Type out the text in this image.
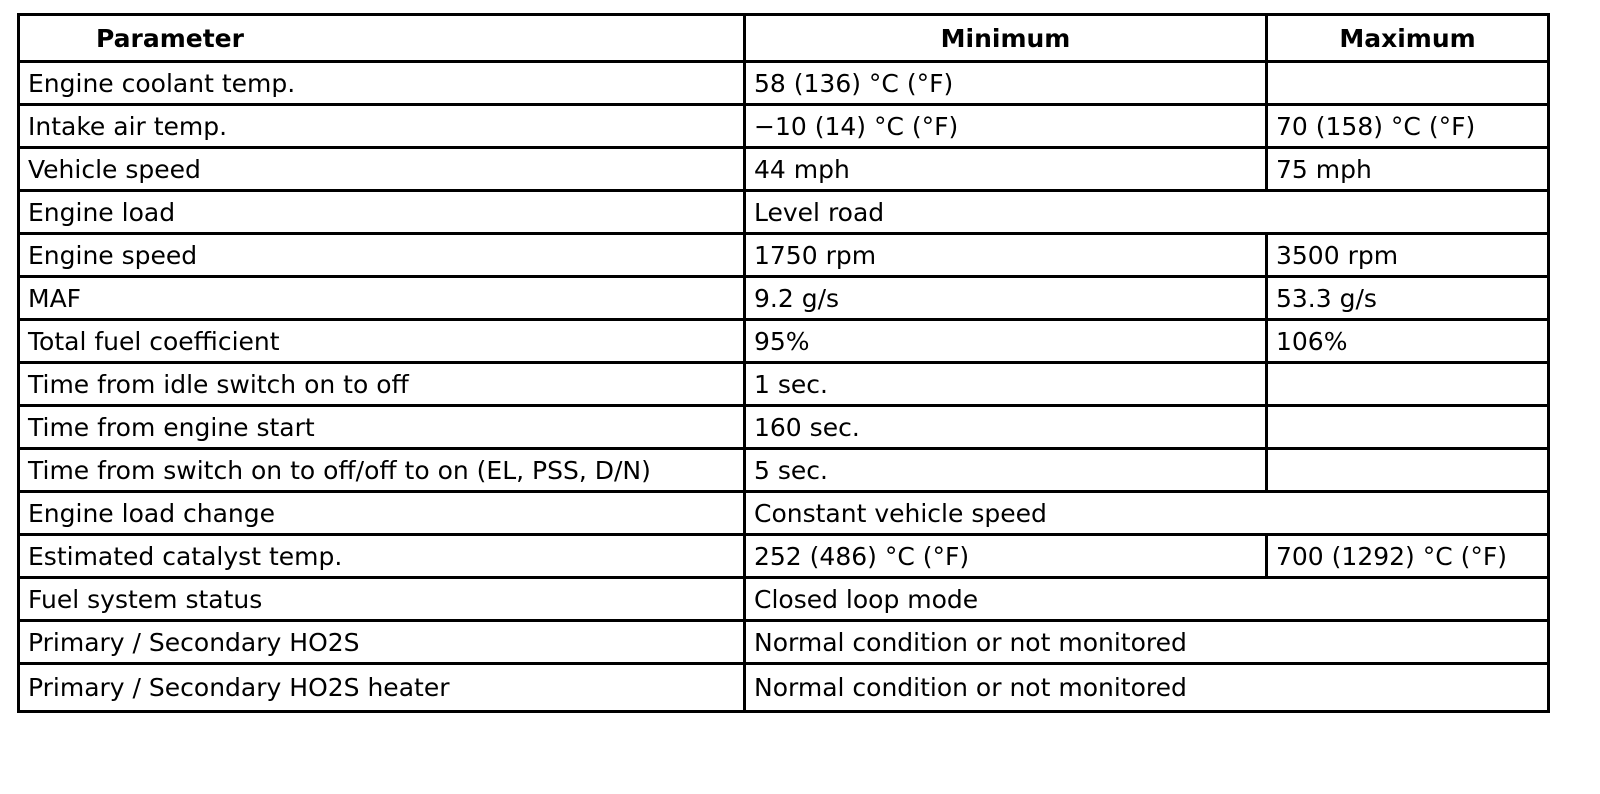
Parameter	Minimum	Maximum
Engine coolant temp.	58 (136) °C (°F)	
Intake air temp.	−10 (14) °C (°F)	70 (158) °C (°F)
Vehicle speed	44 mph	75 mph
Engine load	Level road	
Engine speed	1750 rpm	3500 rpm
MAF	9.2 g/s	53.3 g/s
Total fuel coefficient	95%	106%
Time from idle switch on to off	1 sec.	
Time from engine start	160 sec.	
Time from switch on to off/off to on (EL, PSS, D/N)	5 sec.	
Engine load change	Constant vehicle speed	
Estimated catalyst temp.	252 (486) °C (°F)	700 (1292) °C (°F)
Fuel system status	Closed loop mode	
Primary / Secondary HO2S	Normal condition or not monitored	
Primary / Secondary HO2S heater	Normal condition or not monitored	
